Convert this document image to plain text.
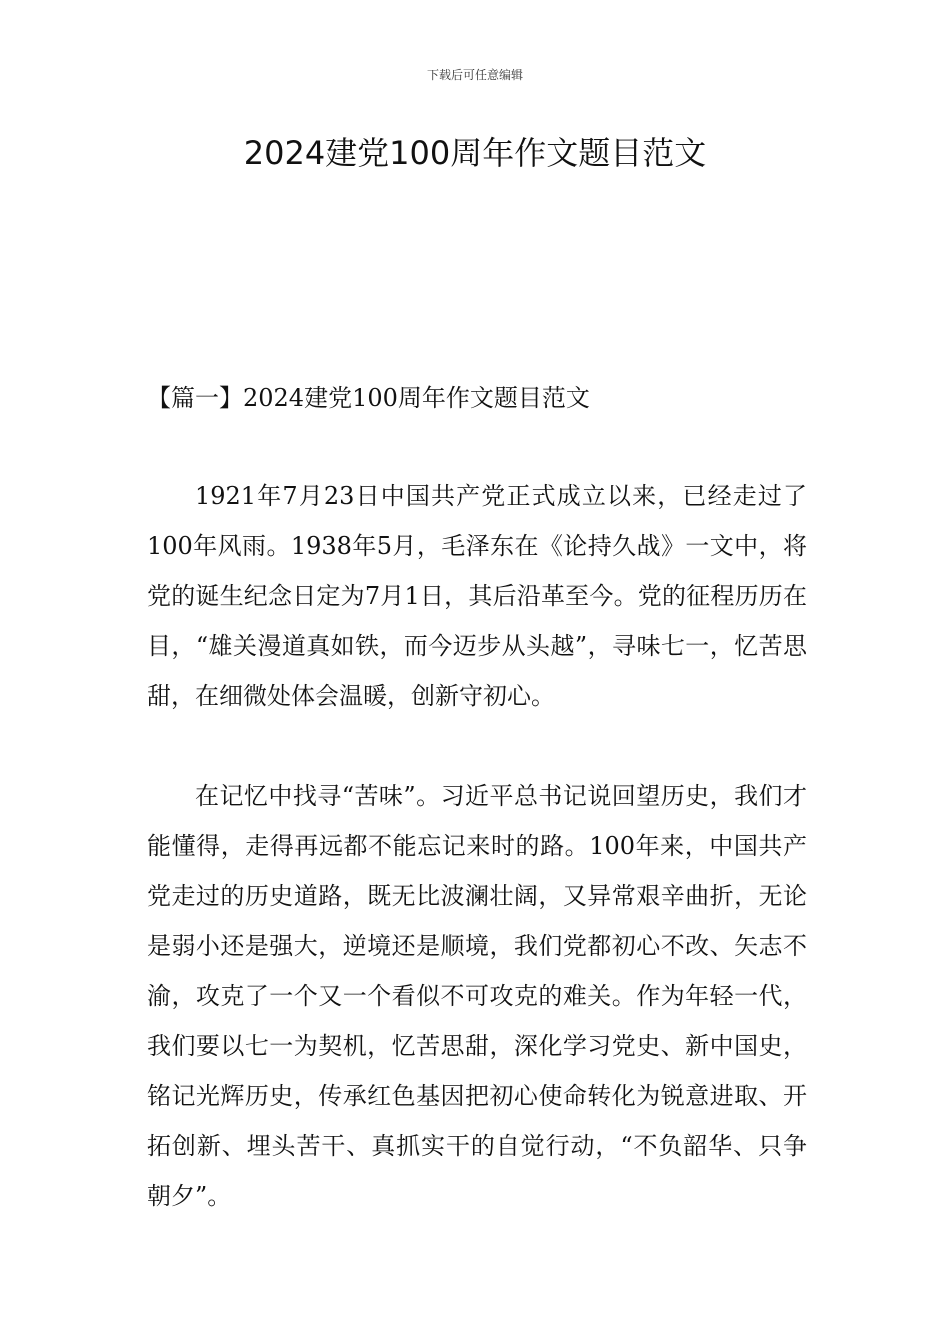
下载后可任意编辑
2024建党100周年作文题目范文
【篇一】2024建党100周年作文题目范文

1921年7月23日中国共产党正式成立以来，已经走过了100年风雨。1938年5月，毛泽东在《论持久战》一文中，将党的诞生纪念日定为7月1日，其后沿革至今。党的征程历历在目，“雄关漫道真如铁，而今迈步从头越”，寻味七一，忆苦思甜，在细微处体会温暖，创新守初心。

在记忆中找寻“苦味”。习近平总书记说回望历史，我们才能懂得，走得再远都不能忘记来时的路。100年来，中国共产党走过的历史道路，既无比波澜壮阔，又异常艰辛曲折，无论是弱小还是强大，逆境还是顺境，我们党都初心不改、矢志不渝，攻克了一个又一个看似不可攻克的难关。作为年轻一代，我们要以七一为契机，忆苦思甜，深化学习党史、新中国史，铭记光辉历史，传承红色基因把初心使命转化为锐意进取、开拓创新、埋头苦干、真抓实干的自觉行动，“不负韶华、只争朝夕”。
